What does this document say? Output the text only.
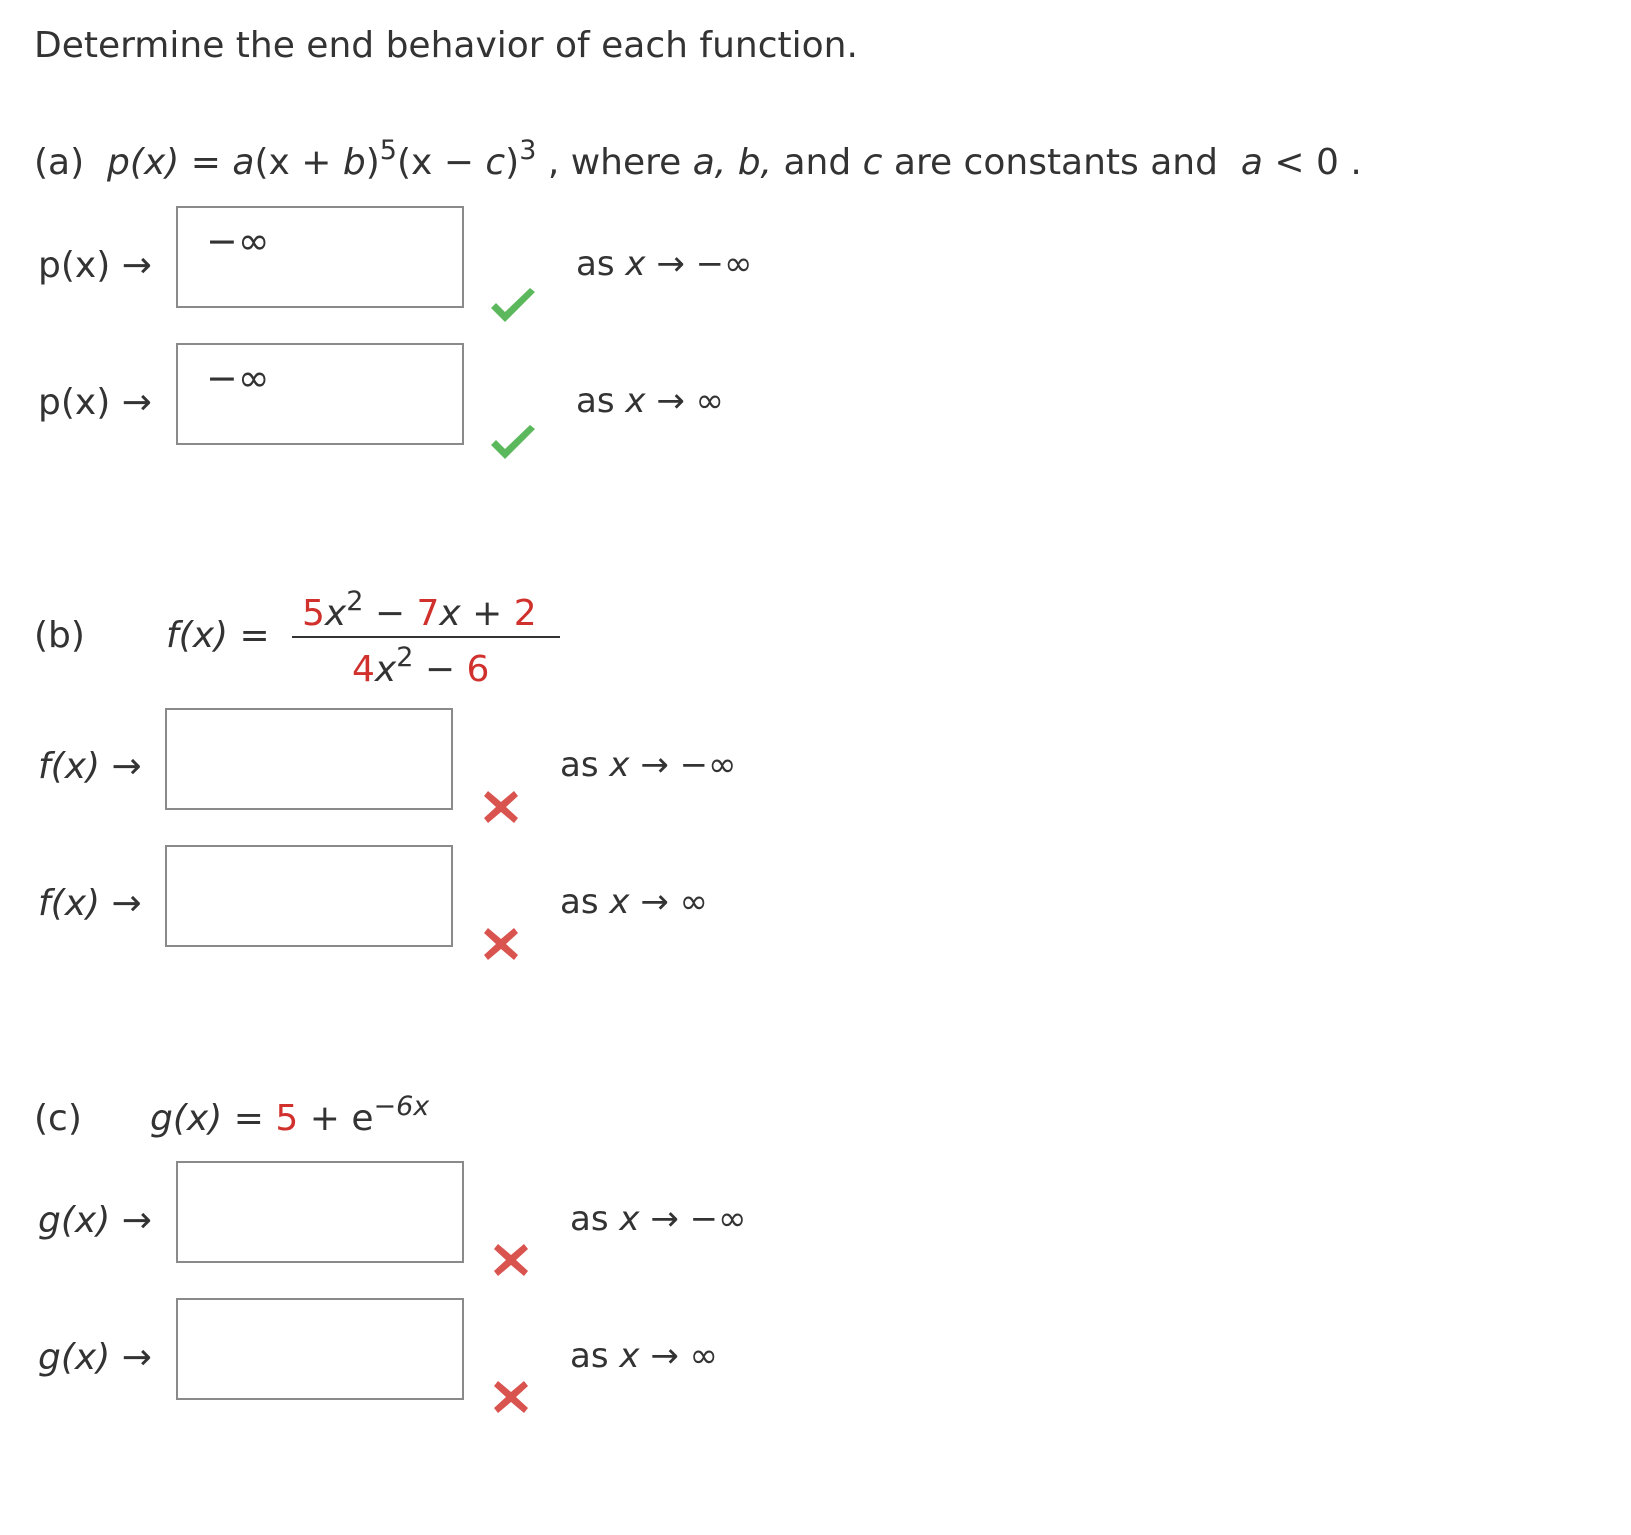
Determine the end behavior of each function.
(a) $p(x) = a(x + b)^5(x - c)^3$ , where a, b, and c are constants and a < 0 .
p(x) →
−∞
as x → −∞
p(x) →
−∞
as x → ∞
(b) f(x) =
$5x^2 - 7x + 2$
$4x^2 - 6$
f(x) →	as x → −∞
f(x) →	as x → ∞
(c) $g(x) = 5 + e^{-6x}$
g(x) →	as x → −∞
g(x) →	as x → ∞
